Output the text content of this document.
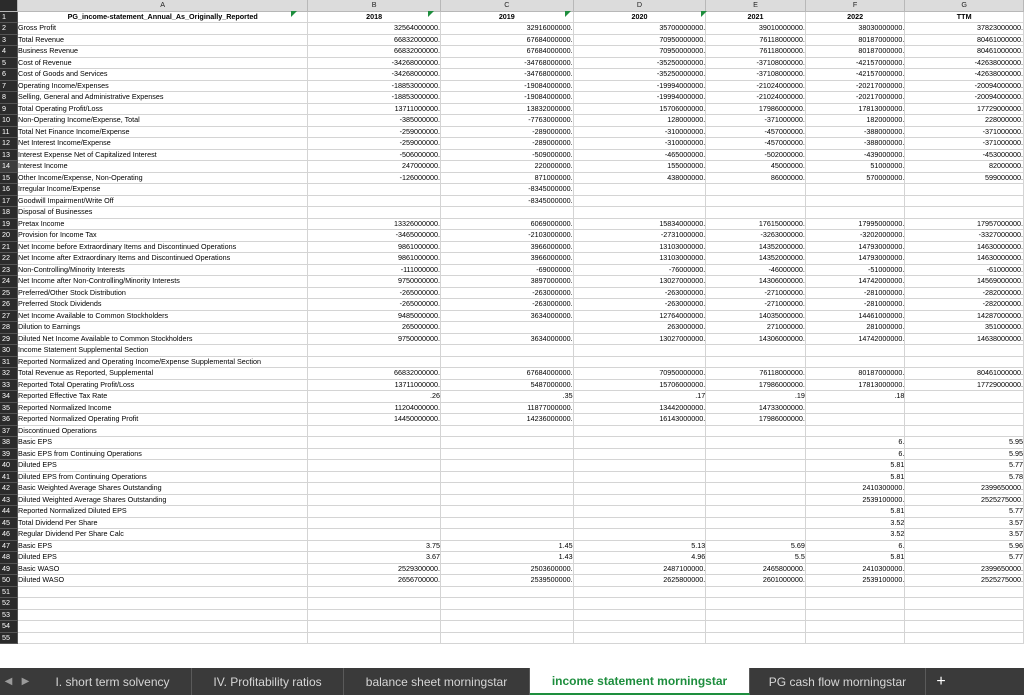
	A	B	C	D	E	F	G
1	PG_income-statement_Annual_As_Originally_Reported	2018	2019	2020	2021	2022	TTM
2	Gross Profit	32564000000.	32916000000.	35700000000.	39010000000.	38030000000.	37823000000.
3	Total Revenue	66832000000.	67684000000.	70950000000.	76118000000.	80187000000.	80461000000.
4	Business Revenue	66832000000.	67684000000.	70950000000.	76118000000.	80187000000.	80461000000.
5	Cost of Revenue	-34268000000.	-34768000000.	-35250000000.	-37108000000.	-42157000000.	-42638000000.
6	Cost of Goods and Services	-34268000000.	-34768000000.	-35250000000.	-37108000000.	-42157000000.	-42638000000.
7	Operating Income/Expenses	-18853000000.	-19084000000.	-19994000000.	-21024000000.	-20217000000.	-20094000000.
8	Selling, General and Administrative Expenses	-18853000000.	-19084000000.	-19994000000.	-21024000000.	-20217000000.	-20094000000.
9	Total Operating Profit/Loss	13711000000.	13832000000.	15706000000.	17986000000.	17813000000.	17729000000.
10	Non-Operating Income/Expense, Total	-385000000.	-7763000000.	128000000.	-371000000.	182000000.	228000000.
11	Total Net Finance Income/Expense	-259000000.	-289000000.	-310000000.	-457000000.	-388000000.	-371000000.
12	Net Interest Income/Expense	-259000000.	-289000000.	-310000000.	-457000000.	-388000000.	-371000000.
13	Interest Expense Net of Capitalized Interest	-506000000.	-509000000.	-465000000.	-502000000.	-439000000.	-453000000.
14	Interest Income	247000000.	220000000.	155000000.	45000000.	51000000.	82000000.
15	Other Income/Expense, Non-Operating	-126000000.	871000000.	438000000.	86000000.	570000000.	599000000.
16	Irregular Income/Expense		-8345000000.				
17	Goodwill Impairment/Write Off		-8345000000.				
18	Disposal of Businesses						
19	Pretax Income	13326000000.	6069000000.	15834000000.	17615000000.	17995000000.	17957000000.
20	Provision for Income Tax	-3465000000.	-2103000000.	-2731000000.	-3263000000.	-3202000000.	-3327000000.
21	Net Income before Extraordinary Items and Discontinued Operations	9861000000.	3966000000.	13103000000.	14352000000.	14793000000.	14630000000.
22	Net Income after Extraordinary Items and Discontinued Operations	9861000000.	3966000000.	13103000000.	14352000000.	14793000000.	14630000000.
23	Non-Controlling/Minority Interests	-111000000.	-69000000.	-76000000.	-46000000.	-51000000.	-61000000.
24	Net Income after Non-Controlling/Minority Interests	9750000000.	3897000000.	13027000000.	14306000000.	14742000000.	14569000000.
25	Preferred/Other Stock Distribution	-265000000.	-263000000.	-263000000.	-271000000.	-281000000.	-282000000.
26	Preferred Stock Dividends	-265000000.	-263000000.	-263000000.	-271000000.	-281000000.	-282000000.
27	Net Income Available to Common Stockholders	9485000000.	3634000000.	12764000000.	14035000000.	14461000000.	14287000000.
28	Dilution to Earnings	265000000.		263000000.	271000000.	281000000.	351000000.
29	Diluted Net Income Available to Common Stockholders	9750000000.	3634000000.	13027000000.	14306000000.	14742000000.	14638000000.
30	Income Statement Supplemental Section						
31	Reported Normalized and Operating Income/Expense Supplemental Section						
32	Total Revenue as Reported, Supplemental	66832000000.	67684000000.	70950000000.	76118000000.	80187000000.	80461000000.
33	Reported Total Operating Profit/Loss	13711000000.	5487000000.	15706000000.	17986000000.	17813000000.	17729000000.
34	Reported Effective Tax Rate	.26	.35	.17	.19	.18	
35	Reported Normalized Income	11204000000.	11877000000.	13442000000.	14733000000.		
36	Reported Normalized Operating Profit	14450000000.	14236000000.	16143000000.	17986000000.		
37	Discontinued Operations						
38	Basic EPS					6.	5.95
39	Basic EPS from Continuing Operations					6.	5.95
40	Diluted EPS					5.81	5.77
41	Diluted EPS from Continuing Operations					5.81	5.78
42	Basic Weighted Average Shares Outstanding					2410300000.	2399650000.
43	Diluted Weighted Average Shares Outstanding					2539100000.	2525275000.
44	Reported Normalized Diluted EPS					5.81	5.77
45	Total Dividend Per Share					3.52	3.57
46	Regular Dividend Per Share Calc					3.52	3.57
47	Basic EPS	3.75	1.45	5.13	5.69	6.	5.96
48	Diluted EPS	3.67	1.43	4.96	5.5	5.81	5.77
49	Basic WASO	2529300000.	2503600000.	2487100000.	2465800000.	2410300000.	2399650000.
50	Diluted WASO	2656700000.	2539500000.	2625800000.	2601000000.	2539100000.	2525275000.
51							
52							
53							
54							
55							
◀ ▶	I. short term solvency	IV. Profitability ratios	balance sheet morningstar	income statement morningstar	PG cash flow morningstar	+
